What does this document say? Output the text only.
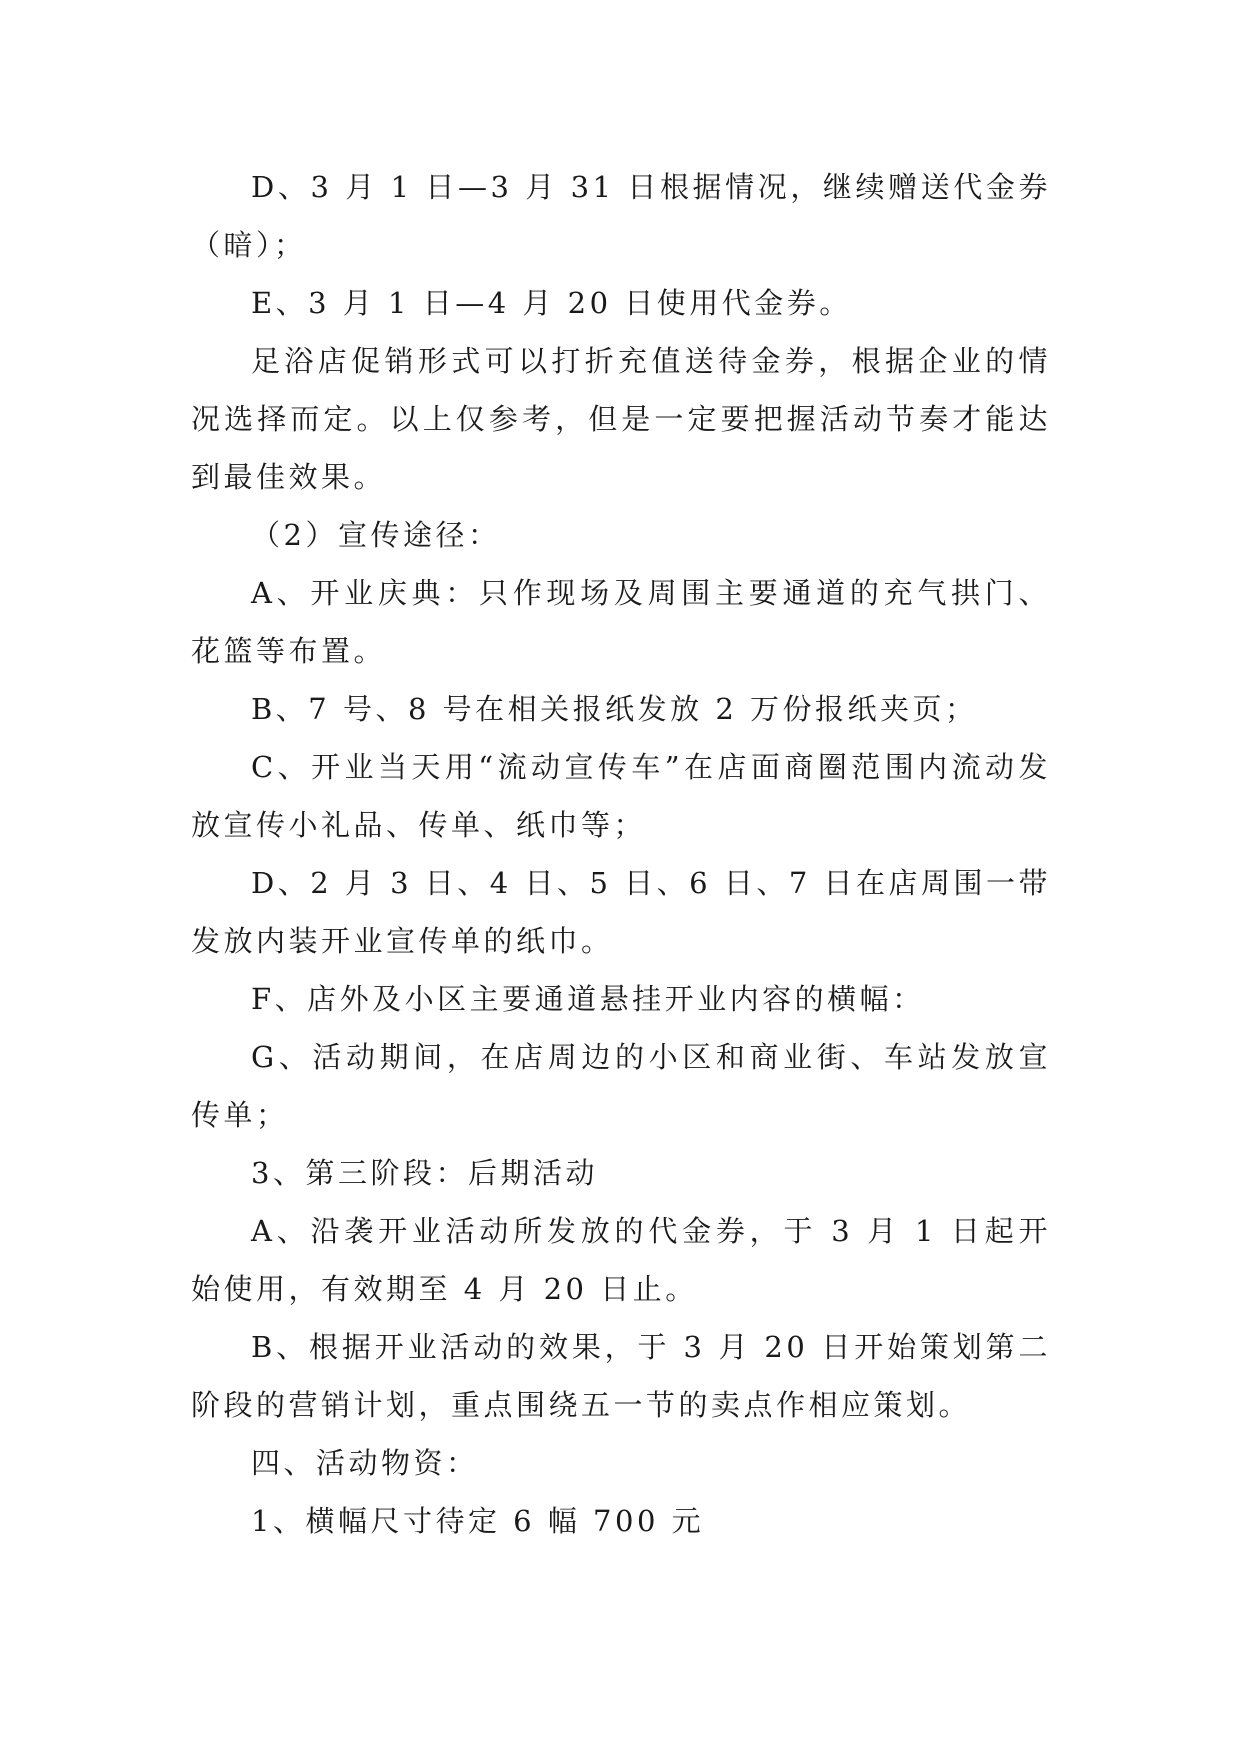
D、3 月 1 日—3 月 31 日根据情况，继续赠送代金券（暗）；

E、3 月 1 日—4 月 20 日使用代金券。

足浴店促销形式可以打折充值送待金券，根据企业的情况选择而定。以上仅参考，但是一定要把握活动节奏才能达到最佳效果。

（2）宣传途径：

A、开业庆典：只作现场及周围主要通道的充气拱门、花篮等布置。

B、7 号、8 号在相关报纸发放 2 万份报纸夹页；

C、开业当天用“流动宣传车”在店面商圈范围内流动发放宣传小礼品、传单、纸巾等；

D、2 月 3 日、4 日、5 日、6 日、7 日在店周围一带发放内装开业宣传单的纸巾。

F、店外及小区主要通道悬挂开业内容的横幅：

G、活动期间，在店周边的小区和商业街、车站发放宣传单；

3、第三阶段：后期活动

A、沿袭开业活动所发放的代金券，于 3 月 1 日起开始使用，有效期至 4 月 20 日止。

B、根据开业活动的效果，于 3 月 20 日开始策划第二阶段的营销计划，重点围绕五一节的卖点作相应策划。

四、活动物资：

1、横幅尺寸待定 6 幅 700 元
